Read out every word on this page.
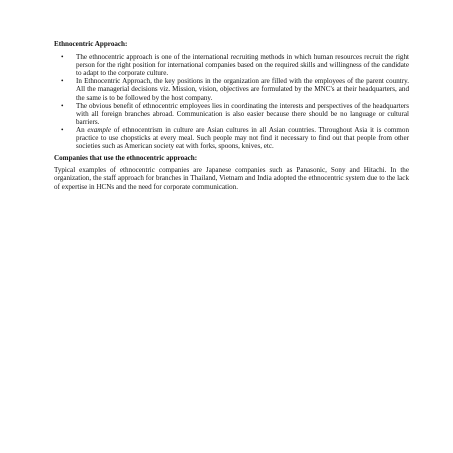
Ethnocentric Approach:

• The ethnocentric approach is one of the international recruiting methods in which human resources recruit the right person for the right position for international companies based on the required skills and willingness of the candidate to adapt to the corporate culture.
• In Ethnocentric Approach, the key positions in the organization are filled with the employees of the parent country. All the managerial decisions viz. Mission, vision, objectives are formulated by the MNC's at their headquarters, and the same is to be followed by the host company.
• The obvious benefit of ethnocentric employees lies in coordinating the interests and perspectives of the headquarters with all foreign branches abroad. Communication is also easier because there should be no language or cultural barriers.
• An example of ethnocentrism in culture are Asian cultures in all Asian countries. Throughout Asia it is common practice to use chopsticks at every meal. Such people may not find it necessary to find out that people from other societies such as American society eat with forks, spoons, knives, etc.

Companies that use the ethnocentric approach:

Typical examples of ethnocentric companies are Japanese companies such as Panasonic, Sony and Hitachi. In the organization, the staff approach for branches in Thailand, Vietnam and India adopted the ethnocentric system due to the lack of expertise in HCNs and the need for corporate communication.
